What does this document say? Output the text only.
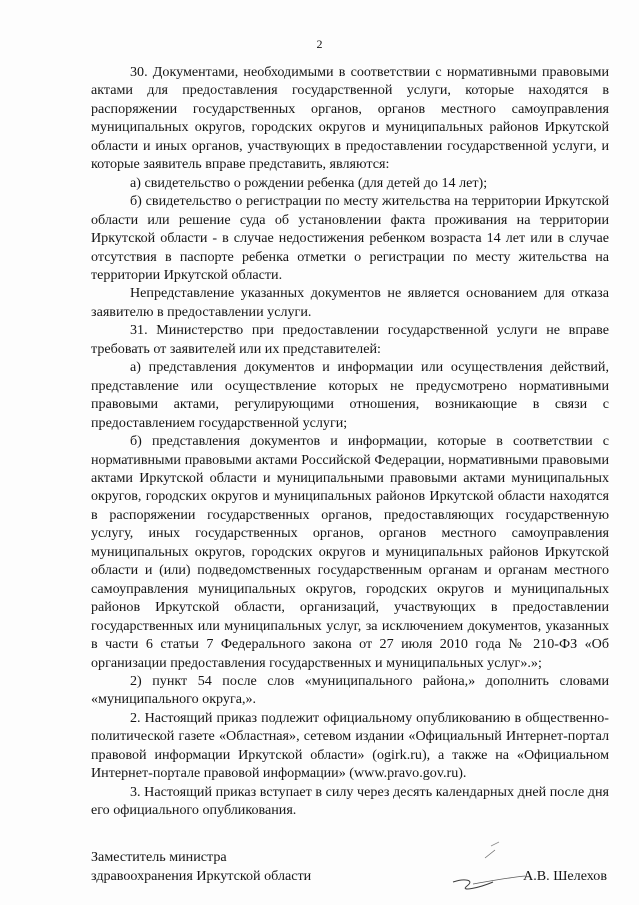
2

30. Документами, необходимыми в соответствии с нормативными правовыми актами для предоставления государственной услуги, которые находятся в распоряжении государственных органов, органов местного самоуправления муниципальных округов, городских округов и муниципальных районов Иркутской области и иных органов, участвующих в предоставлении государственной услуги, и которые заявитель вправе представить, являются:

а) свидетельство о рождении ребенка (для детей до 14 лет);

б) свидетельство о регистрации по месту жительства на территории Иркутской области или решение суда об установлении факта проживания на территории Иркутской области - в случае недостижения ребенком возраста 14 лет или в случае отсутствия в паспорте ребенка отметки о регистрации по месту жительства на территории Иркутской области.

Непредставление указанных документов не является основанием для отказа заявителю в предоставлении услуги.

31. Министерство при предоставлении государственной услуги не вправе требовать от заявителей или их представителей:

а) представления документов и информации или осуществления действий, представление или осуществление которых не предусмотрено нормативными правовыми актами, регулирующими отношения, возникающие в связи с предоставлением государственной услуги;

б) представления документов и информации, которые в соответствии с нормативными правовыми актами Российской Федерации, нормативными правовыми актами Иркутской области и муниципальными правовыми актами муниципальных округов, городских округов и муниципальных районов Иркутской области находятся в распоряжении государственных органов, предоставляющих государственную услугу, иных государственных органов, органов местного самоуправления муниципальных округов, городских округов и муниципальных районов Иркутской области и (или) подведомственных государственным органам и органам местного самоуправления муниципальных округов, городских округов и муниципальных районов Иркутской области, организаций, участвующих в предоставлении государственных или муниципальных услуг, за исключением документов, указанных в части 6 статьи 7 Федерального закона от 27 июля 2010 года № 210-ФЗ «Об организации предоставления государственных и муниципальных услуг».»;

2) пункт 54 после слов «муниципального района,» дополнить словами «муниципального округа,».

2. Настоящий приказ подлежит официальному опубликованию в общественно-политической газете «Областная», сетевом издании «Официальный Интернет-портал правовой информации Иркутской области» (ogirk.ru), а также на «Официальном Интернет-портале правовой информации» (www.pravo.gov.ru).

3. Настоящий приказ вступает в силу через десять календарных дней после дня его официального опубликования.

Заместитель министра
здравоохранения Иркутской области	А.В. Шелехов
